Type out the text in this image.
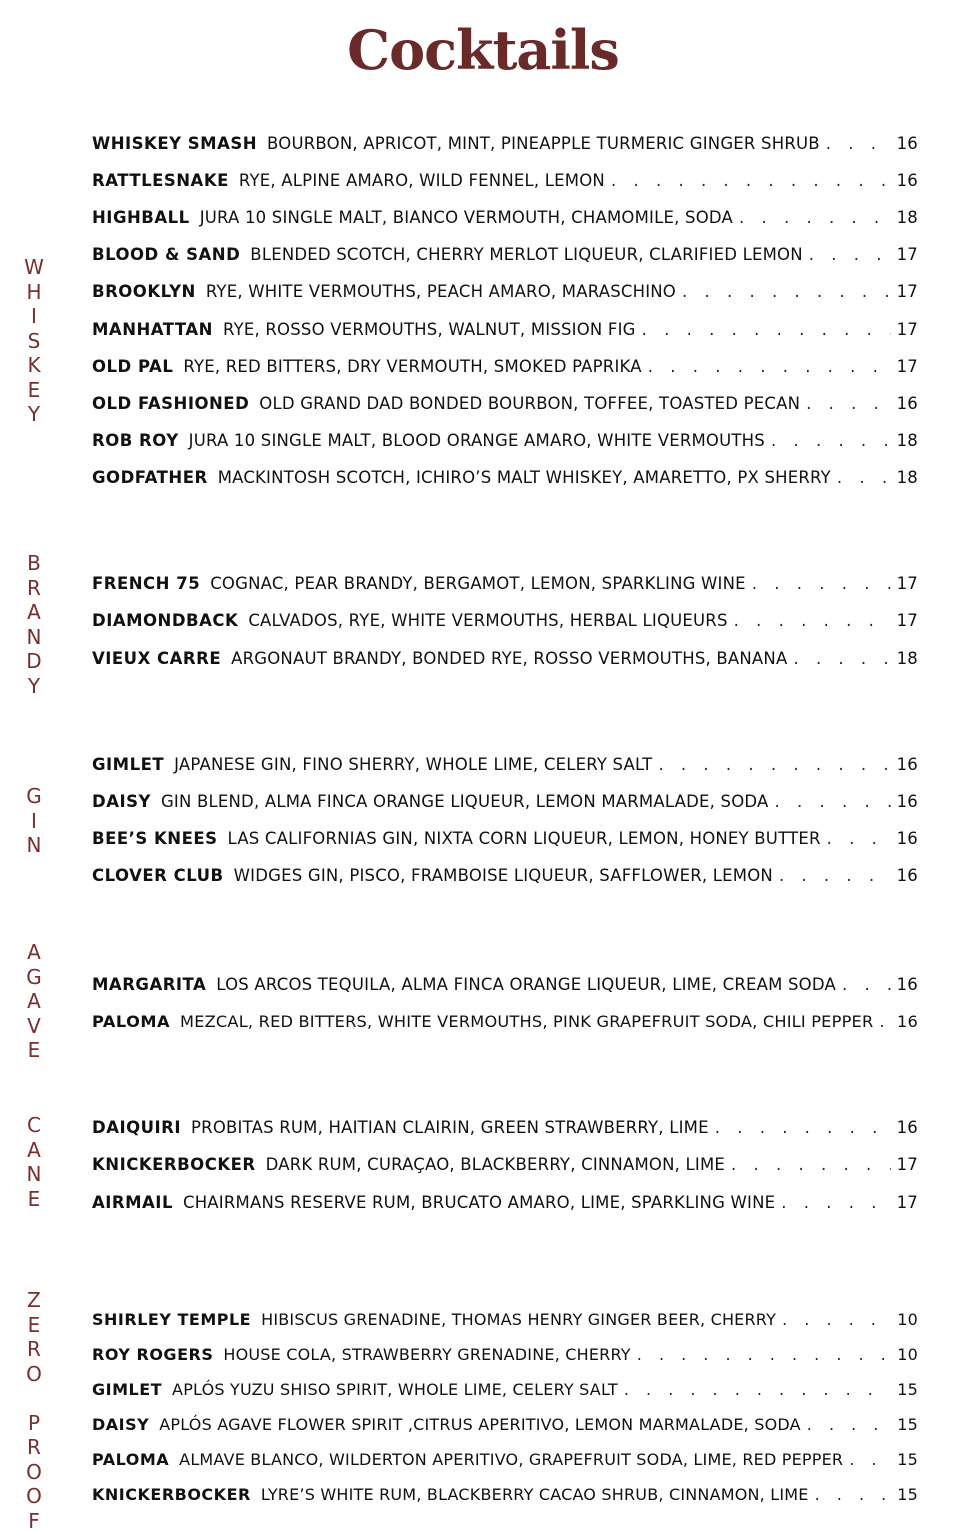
Cocktails
W
H
I
S
K
E
Y
WHISKEY SMASH BOURBON, APRICOT, MINT, PINEAPPLE TURMERIC GINGER SHRUB . . .	16
RATTLESNAKE RYE, ALPINE AMARO, WILD FENNEL, LEMON . . .	16
HIGHBALL JURA 10 SINGLE MALT, BIANCO VERMOUTH, CHAMOMILE, SODA . . .	18
BLOOD & SAND BLENDED SCOTCH, CHERRY MERLOT LIQUEUR, CLARIFIED LEMON . . .	17
BROOKLYN RYE, WHITE VERMOUTHS, PEACH AMARO, MARASCHINO . . .	17
MANHATTAN RYE, ROSSO VERMOUTHS, WALNUT, MISSION FIG . . .	17
OLD PAL RYE, RED BITTERS, DRY VERMOUTH, SMOKED PAPRIKA . . .	17
OLD FASHIONED OLD GRAND DAD BONDED BOURBON, TOFFEE, TOASTED PECAN . . .	16
ROB ROY JURA 10 SINGLE MALT, BLOOD ORANGE AMARO, WHITE VERMOUTHS . . .	18
GODFATHER MACKINTOSH SCOTCH, ICHIRO’S MALT WHISKEY, AMARETTO, PX SHERRY . . .	18
B
R
A
N
D
Y
FRENCH 75 COGNAC, PEAR BRANDY, BERGAMOT, LEMON, SPARKLING WINE . . .	17
DIAMONDBACK CALVADOS, RYE, WHITE VERMOUTHS, HERBAL LIQUEURS . . .	17
VIEUX CARRE ARGONAUT BRANDY, BONDED RYE, ROSSO VERMOUTHS, BANANA . . .	18
G
I
N
GIMLET JAPANESE GIN, FINO SHERRY, WHOLE LIME, CELERY SALT . . .	16
DAISY GIN BLEND, ALMA FINCA ORANGE LIQUEUR, LEMON MARMALADE, SODA . . .	16
BEE’S KNEES LAS CALIFORNIAS GIN, NIXTA CORN LIQUEUR, LEMON, HONEY BUTTER . . .	16
CLOVER CLUB WIDGES GIN, PISCO, FRAMBOISE LIQUEUR, SAFFLOWER, LEMON . . .	16
A
G
A
V
E
MARGARITA LOS ARCOS TEQUILA, ALMA FINCA ORANGE LIQUEUR, LIME, CREAM SODA . . .	16
PALOMA MEZCAL, RED BITTERS, WHITE VERMOUTHS, PINK GRAPEFRUIT SODA, CHILI PEPPER . . . 16
C
A
N
E
DAIQUIRI PROBITAS RUM, HAITIAN CLAIRIN, GREEN STRAWBERRY, LIME . . .	16
KNICKERBOCKER DARK RUM, CURAÇAO, BLACKBERRY, CINNAMON, LIME . . .	17
AIRMAIL CHAIRMANS RESERVE RUM, BRUCATO AMARO, LIME, SPARKLING WINE . . .	17
Z
E
R
O
P
R
O
O
F
SHIRLEY TEMPLE HIBISCUS GRENADINE, THOMAS HENRY GINGER BEER, CHERRY . . .	10
ROY ROGERS HOUSE COLA, STRAWBERRY GRENADINE, CHERRY . . .	10
GIMLET APLÓS YUZU SHISO SPIRIT, WHOLE LIME, CELERY SALT . . .	15
DAISY APLÓS AGAVE FLOWER SPIRIT ,CITRUS APERITIVO, LEMON MARMALADE, SODA . . .	15
PALOMA ALMAVE BLANCO, WILDERTON APERITIVO, GRAPEFRUIT SODA, LIME, RED PEPPER . . .	15
KNICKERBOCKER LYRE’S WHITE RUM, BLACKBERRY CACAO SHRUB, CINNAMON, LIME . . .	15
